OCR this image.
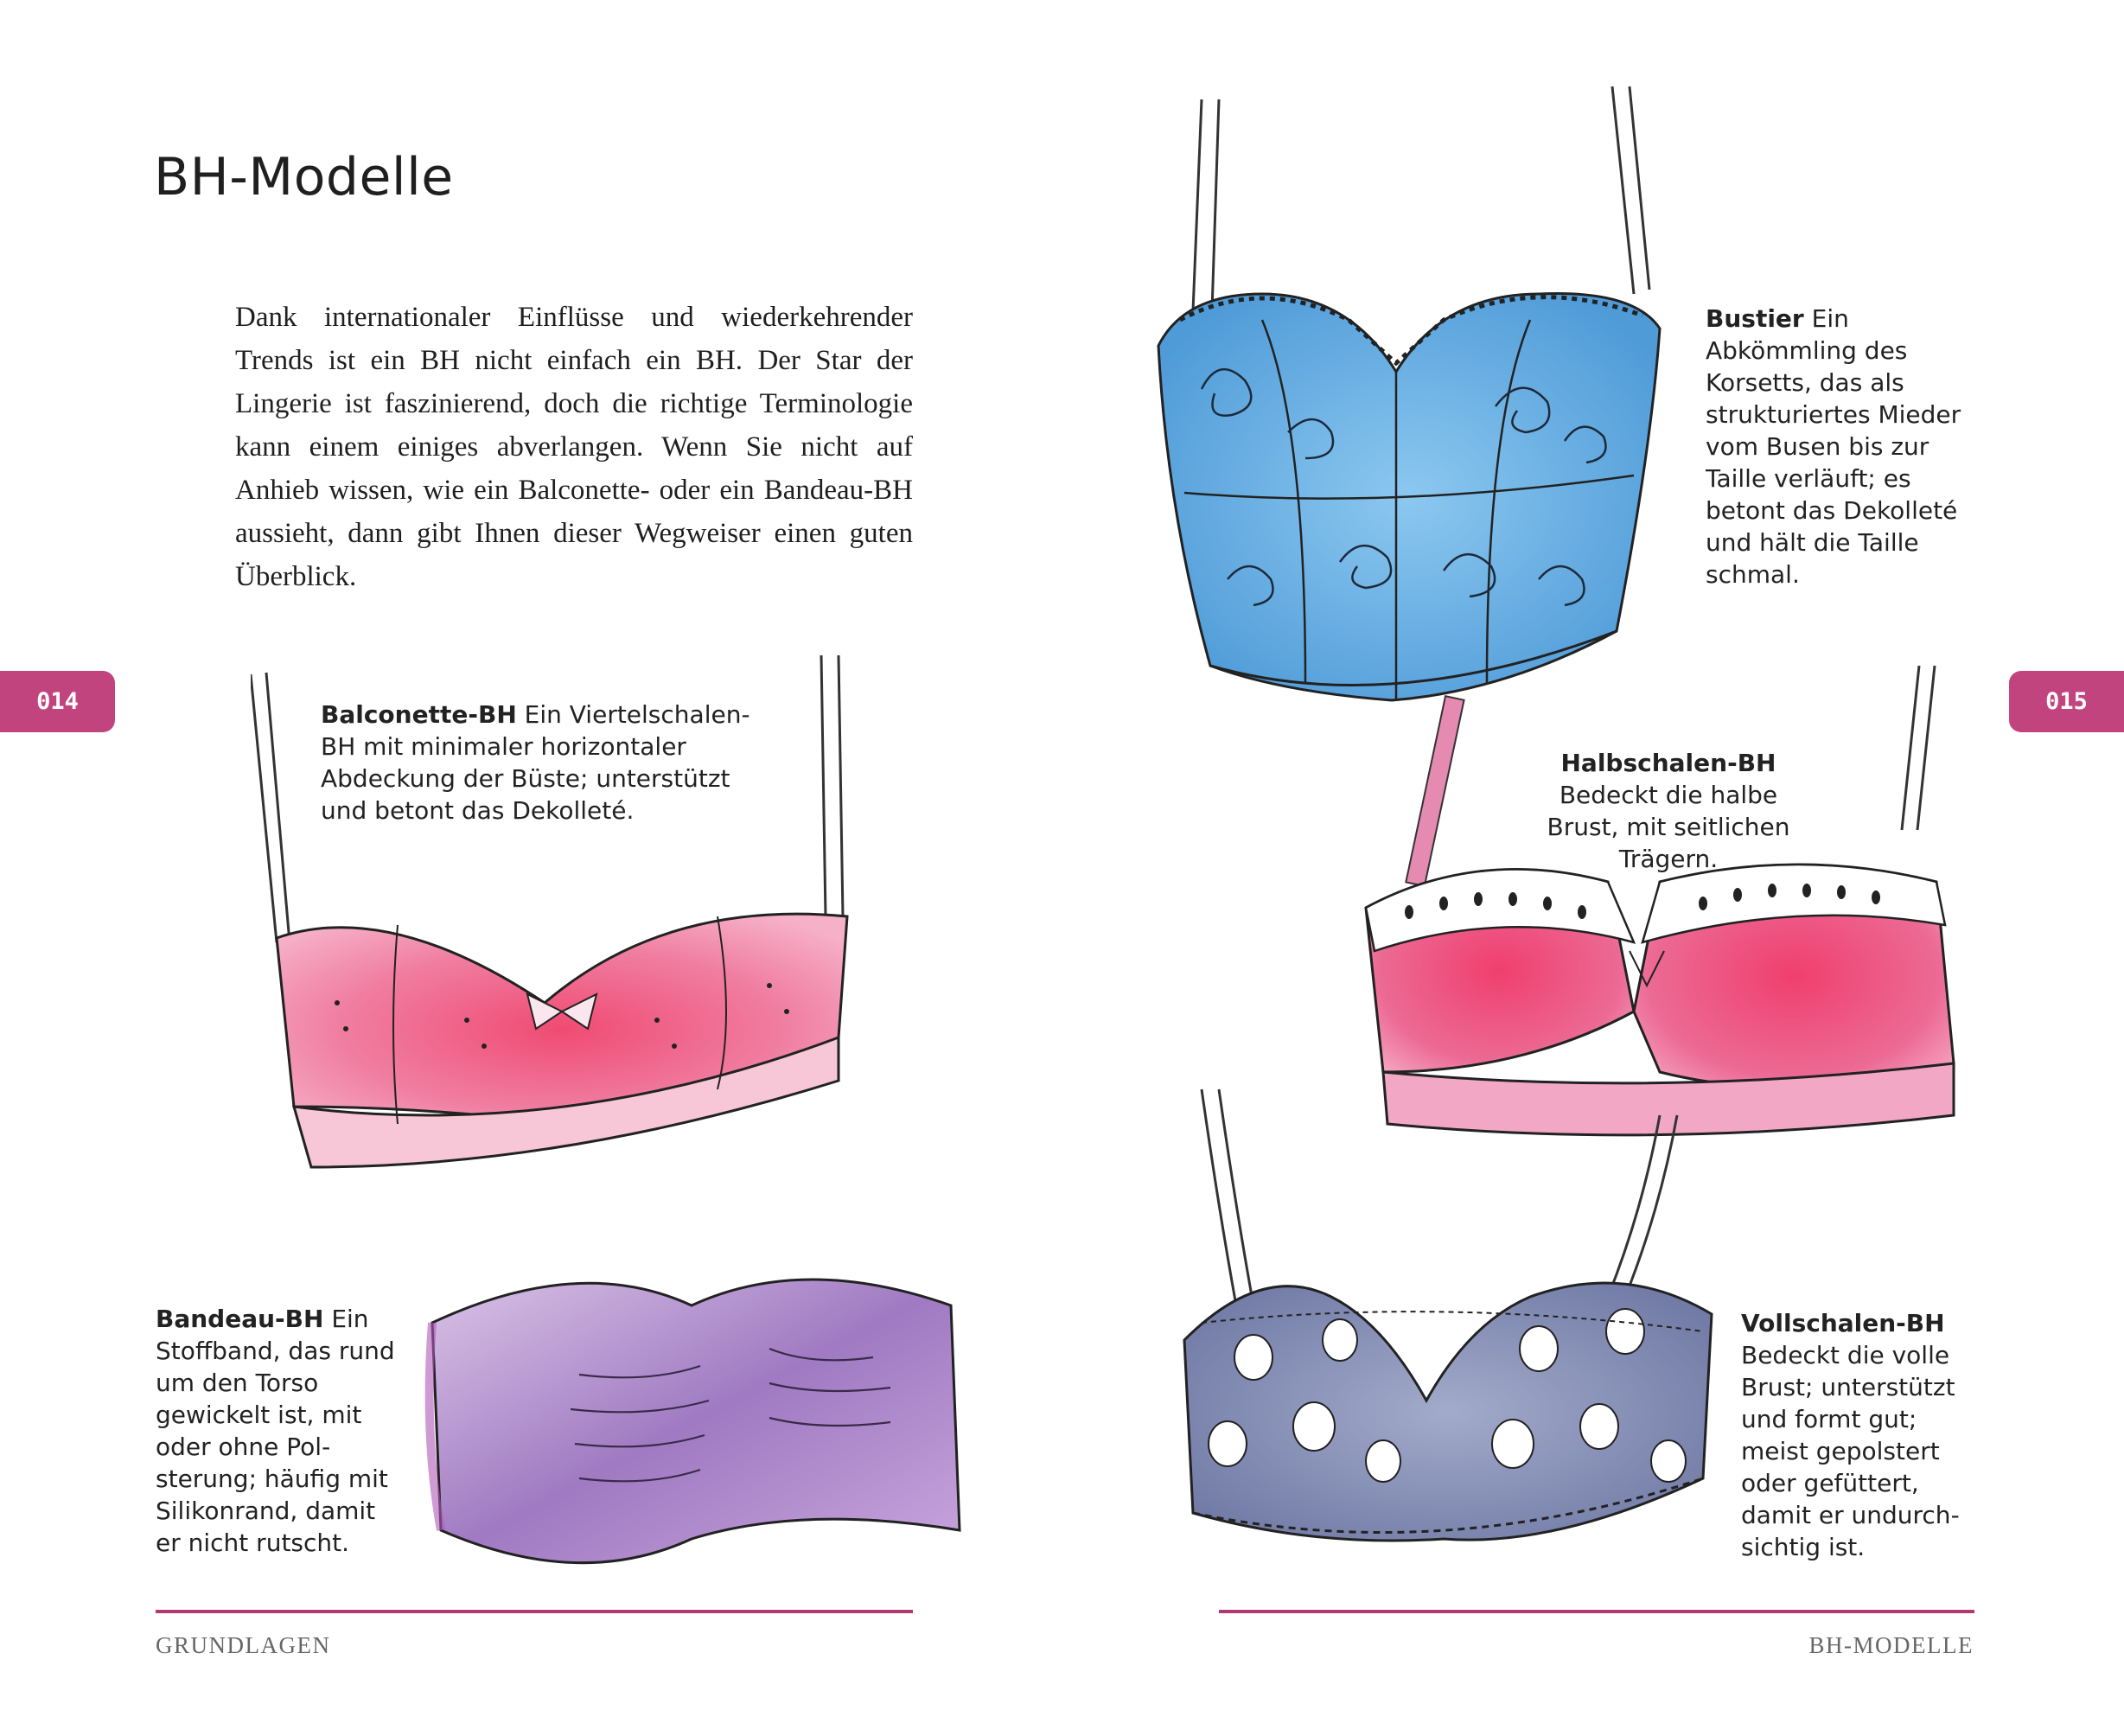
BH-Modelle

Dank internationaler Einflüsse und wiederkehrender Trends ist ein BH nicht einfach ein BH. Der Star der Lingerie ist faszinierend, doch die richtige Terminologie kann einem einiges abverlangen. Wenn Sie nicht auf Anhieb wissen, wie ein Balconette- oder ein Bandeau-BH aussieht, dann gibt Ihnen dieser Wegweiser einen guten Überblick.

014	015

Bustier Ein Abkömmling des Korsetts, das als strukturiertes Mieder vom Busen bis zur Taille verläuft; es betont das Dekolleté und hält die Taille schmal.

Balconette-BH Ein Viertelschalen-BH mit minimaler horizontaler Abdeckung der Büste; unterstützt und betont das Dekolleté.

Halbschalen-BH Bedeckt die halbe Brust, mit seitlichen Trägern.

Bandeau-BH Ein Stoffband, das rund um den Torso gewickelt ist, mit oder ohne Polsterung; häufig mit Silikonrand, damit er nicht rutscht.

Vollschalen-BH Bedeckt die volle Brust; unterstützt und formt gut; meist gepolstert oder gefüttert, damit er undurchsichtig ist.

GRUNDLAGEN	BH-MODELLE
